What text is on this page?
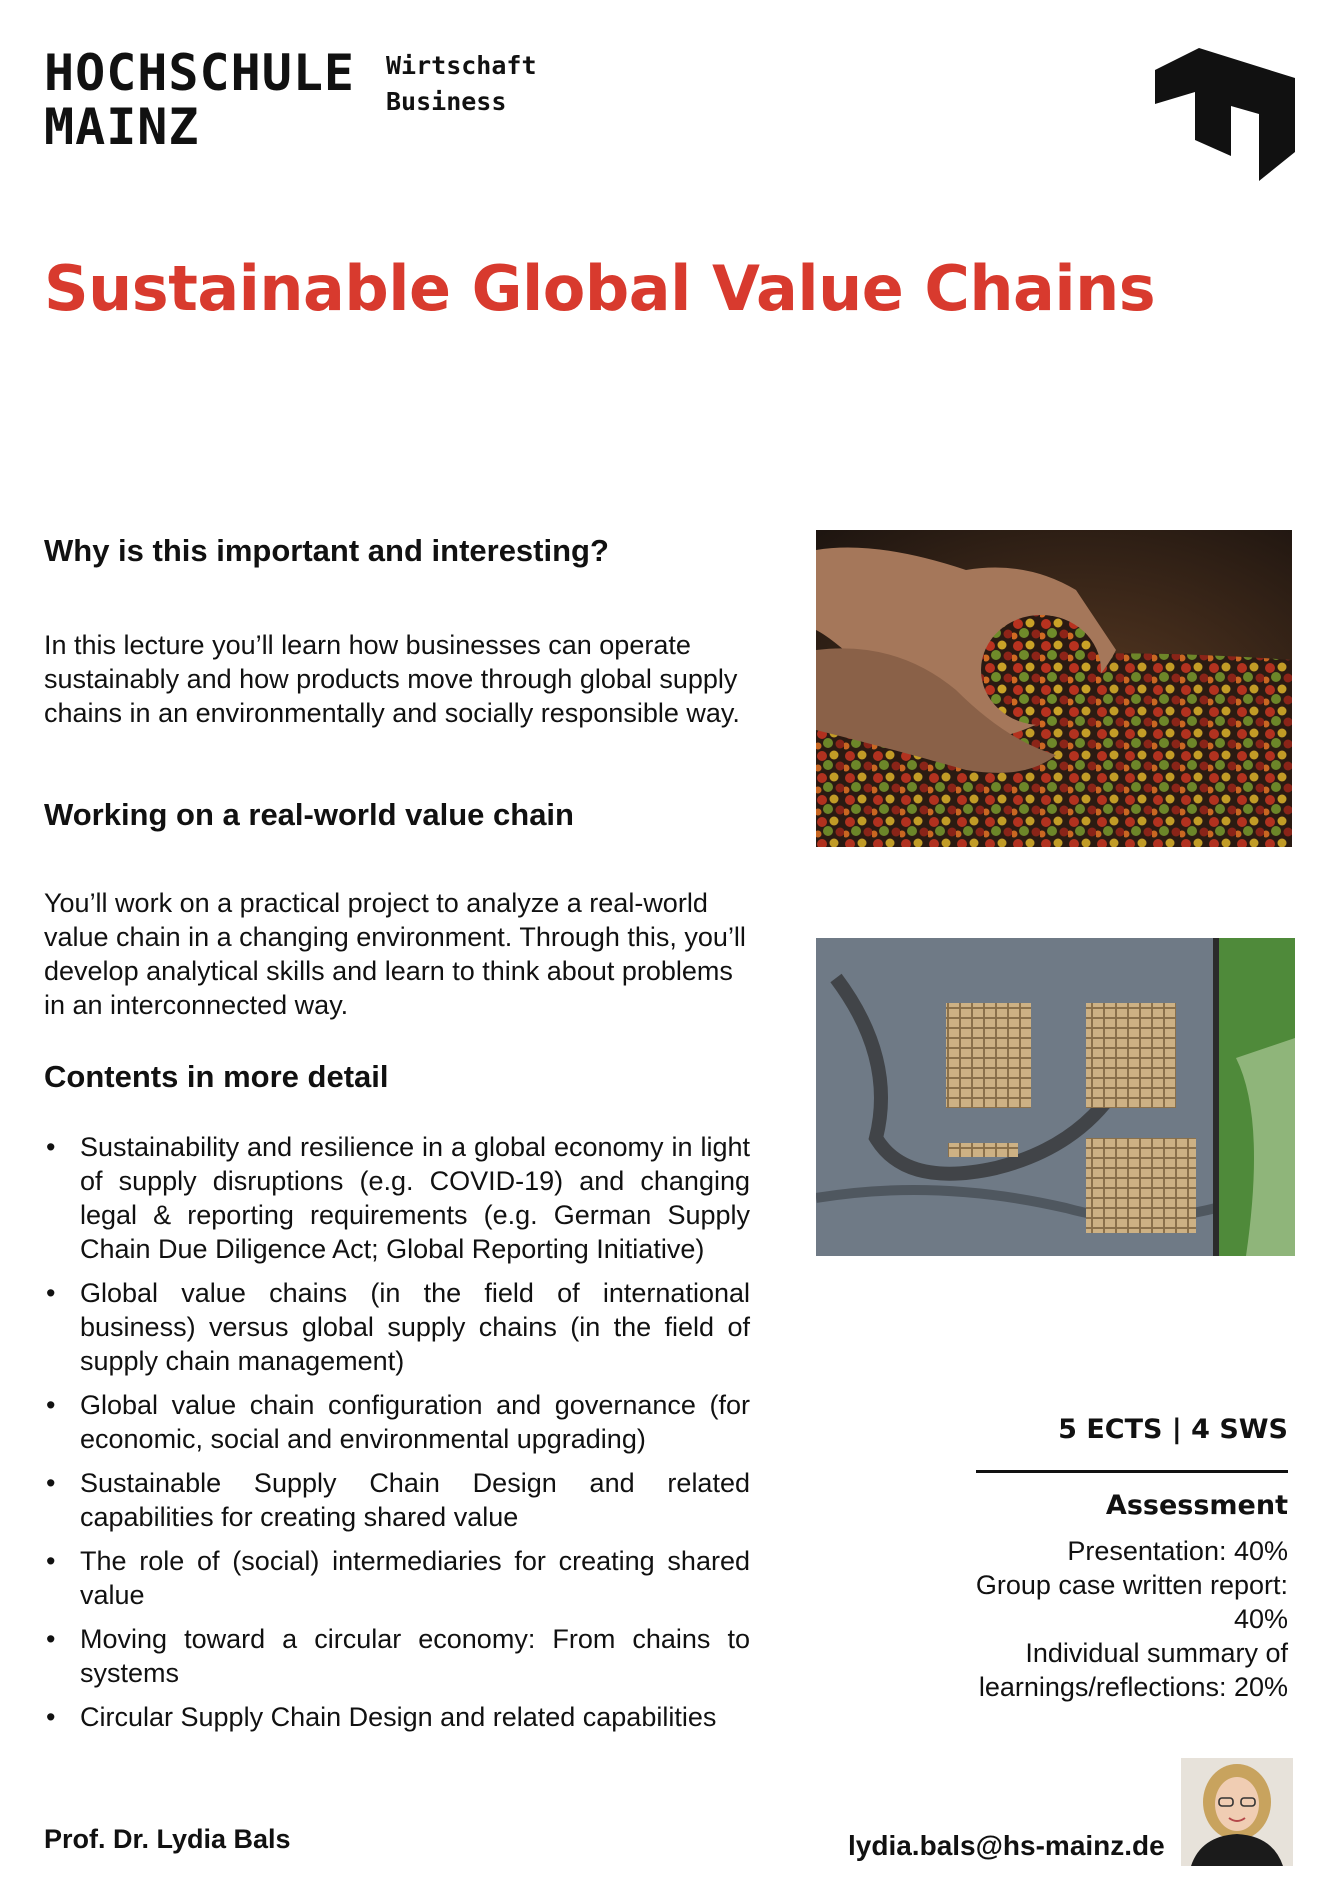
HOCHSCHULE
MAINZ
Wirtschaft
Business
Sustainable Global Value Chains
Why is this important and interesting?

In this lecture you’ll learn how businesses can operate sustainably and how products move through global supply chains in an environmentally and socially responsible way.

Working on a real-world value chain

You’ll work on a practical project to analyze a real-world value chain in a changing environment. Through this, you’ll develop analytical skills and learn to think about problems in an interconnected way.

Contents in more detail
• Sustainability and resilience in a global economy in light of supply disruptions (e.g. COVID-19) and changing legal & reporting requirements (e.g. German Supply Chain Due Diligence Act; Global Reporting Initiative)
• Global value chains (in the field of international business) versus global supply chains (in the field of supply chain management)
• Global value chain configuration and governance (for economic, social and environmental upgrading)
• Sustainable Supply Chain Design and related capabilities for creating shared value
• The role of (social) intermediaries for creating shared value
• Moving toward a circular economy: From chains to systems
• Circular Supply Chain Design and related capabilities
5 ECTS | 4 SWS
Assessment
Presentation: 40%
Group case written report: 40%
Individual summary of learnings/reflections: 20%
Prof. Dr. Lydia Bals	lydia.bals@hs-mainz.de
